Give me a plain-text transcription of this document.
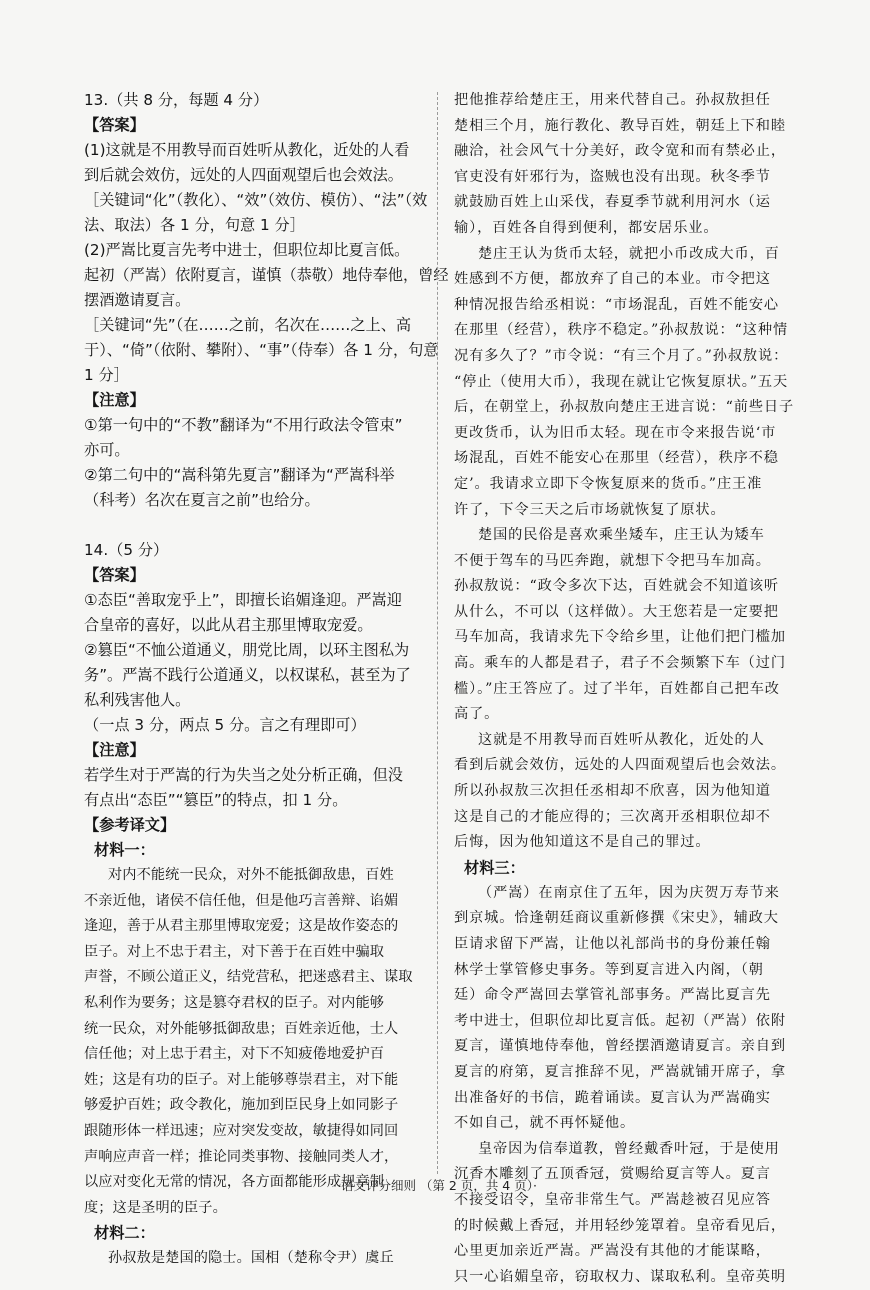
13.（共 8 分，每题 4 分）

【答案】

(1)这就是不用教导而百姓听从教化，近处的人看

到后就会效仿，远处的人四面观望后也会效法。

［关键词“化”（教化）、“效”（效仿、模仿）、“法”（效

法、取法）各 1 分，句意 1 分］

(2)严嵩比夏言先考中进士，但职位却比夏言低。

起初（严嵩）依附夏言，谨慎（恭敬）地侍奉他，曾经

摆酒邀请夏言。

［关键词“先”（在……之前，名次在……之上、高

于）、“倚”（依附、攀附）、“事”（侍奉）各 1 分，句意

1 分］

【注意】

①第一句中的“不教”翻译为“不用行政法令管束”

亦可。

②第二句中的“嵩科第先夏言”翻译为“严嵩科举

（科考）名次在夏言之前”也给分。

14.（5 分）

【答案】

①态臣“善取宠乎上”，即擅长谄媚逢迎。严嵩迎

合皇帝的喜好，以此从君主那里博取宠爱。

②篡臣“不恤公道通义，朋党比周，以环主图私为

务”。严嵩不践行公道通义，以权谋私，甚至为了

私利残害他人。

（一点 3 分，两点 5 分。言之有理即可）

【注意】

若学生对于严嵩的行为失当之处分析正确，但没

有点出“态臣”“篡臣”的特点，扣 1 分。

【参考译文】

材料一：

对内不能统一民众，对外不能抵御敌患，百姓

不亲近他，诸侯不信任他，但是他巧言善辩、谄媚

逢迎，善于从君主那里博取宠爱；这是故作姿态的

臣子。对上不忠于君主，对下善于在百姓中骗取

声誉，不顾公道正义，结党营私，把迷惑君主、谋取

私利作为要务；这是篡夺君权的臣子。对内能够

统一民众，对外能够抵御敌患；百姓亲近他，士人

信任他；对上忠于君主，对下不知疲倦地爱护百

姓；这是有功的臣子。对上能够尊崇君主，对下能

够爱护百姓；政令教化，施加到臣民身上如同影子

跟随形体一样迅速；应对突发变故，敏捷得如同回

声响应声音一样；推论同类事物、接触同类人才，

以应对变化无常的情况，各方面都能形成规章制

度；这是圣明的臣子。

材料二：

孙叔敖是楚国的隐士。国相（楚称令尹）虞丘

把他推荐给楚庄王，用来代替自己。孙叔敖担任

楚相三个月，施行教化、教导百姓，朝廷上下和睦

融洽，社会风气十分美好，政令宽和而有禁必止，

官吏没有奸邪行为，盗贼也没有出现。秋冬季节

就鼓励百姓上山采伐，春夏季节就利用河水（运

输），百姓各自得到便利，都安居乐业。

楚庄王认为货币太轻，就把小币改成大币，百

姓感到不方便，都放弃了自己的本业。市令把这

种情况报告给丞相说：“市场混乱，百姓不能安心

在那里（经营），秩序不稳定。”孙叔敖说：“这种情

况有多久了？”市令说：“有三个月了。”孙叔敖说：

“停止（使用大币），我现在就让它恢复原状。”五天

后，在朝堂上，孙叔敖向楚庄王进言说：“前些日子

更改货币，认为旧币太轻。现在市令来报告说‘市

场混乱，百姓不能安心在那里（经营），秩序不稳

定’。我请求立即下令恢复原来的货币。”庄王准

许了，下令三天之后市场就恢复了原状。

楚国的民俗是喜欢乘坐矮车，庄王认为矮车

不便于驾车的马匹奔跑，就想下令把马车加高。

孙叔敖说：“政令多次下达，百姓就会不知道该听

从什么，不可以（这样做）。大王您若是一定要把

马车加高，我请求先下令给乡里，让他们把门槛加

高。乘车的人都是君子，君子不会频繁下车（过门

槛）。”庄王答应了。过了半年，百姓都自己把车改

高了。

这就是不用教导而百姓听从教化，近处的人

看到后就会效仿，远处的人四面观望后也会效法。

所以孙叔敖三次担任丞相却不欣喜，因为他知道

这是自己的才能应得的；三次离开丞相职位却不

后悔，因为他知道这不是自己的罪过。

材料三：

（严嵩）在南京住了五年，因为庆贺万寿节来

到京城。恰逢朝廷商议重新修撰《宋史》，辅政大

臣请求留下严嵩，让他以礼部尚书的身份兼任翰

林学士掌管修史事务。等到夏言进入内阁，（朝

廷）命令严嵩回去掌管礼部事务。严嵩比夏言先

考中进士，但职位却比夏言低。起初（严嵩）依附

夏言，谨慎地侍奉他，曾经摆酒邀请夏言。亲自到

夏言的府第，夏言推辞不见，严嵩就铺开席子，拿

出准备好的书信，跪着诵读。夏言认为严嵩确实

不如自己，就不再怀疑他。

皇帝因为信奉道教，曾经戴香叶冠，于是使用

沉香木雕刻了五顶香冠，赏赐给夏言等人。夏言

不接受诏令，皇帝非常生气。严嵩趁被召见应答

的时候戴上香冠，并用轻纱笼罩着。皇帝看见后，

心里更加亲近严嵩。严嵩没有其他的才能谋略，

只一心谄媚皇帝，窃取权力、谋取私利。皇帝英明

· 语文评分细则 （第 2 页，共 4 页）·
